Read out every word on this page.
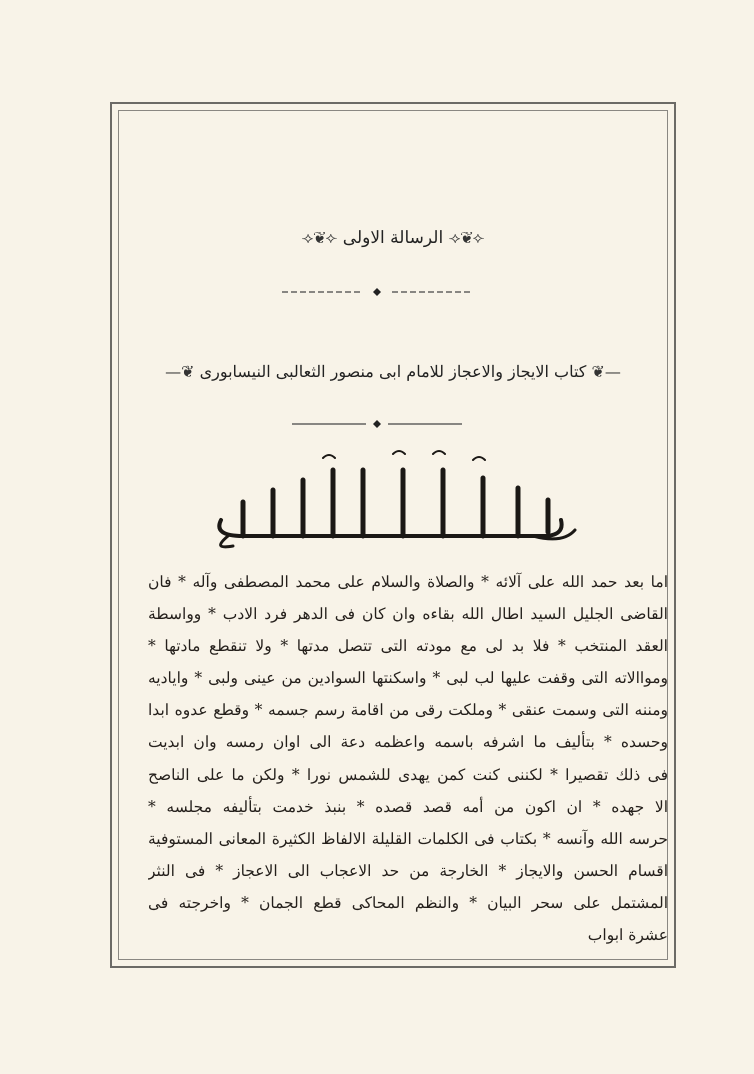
⟢❦⟣ الرسالة الاولى ⟢❦⟣
—❦ كتاب الايجاز والاعجاز للامام ابى منصور الثعالبى النيسابورى ❦—
اما بعد حمد الله على آلائه * والصلاة والسلام على محمد المصطفى وآله * فان
القاضى الجليل السيد اطال الله بقاءه وان كان فى الدهر فرد الادب * وواسطة
العقد المنتخب * فلا بد لى مع مودته التى تتصل مدتها * ولا تنقطع مادتها *
ومواالاته التى وقفت عليها لب لبى * واسكنتها السوادين من عينى ولبى * واياديه
ومننه التى وسمت عنقى * وملكت رقى من اقامة رسم جسمه * وقطع عدوه ابدا
وحسده * بتأليف ما اشرفه باسمه واعظمه دعة الى اوان رمسه وان ابديت
فى ذلك تقصيرا * لكننى كنت كمن يهدى للشمس نورا * ولكن ما على الناصح
الا جهده * ان اكون من أمه قصد قصده * بنبذ خدمت بتأليفه مجلسه *
حرسه الله وآنسه * بكتاب فى الكلمات القليلة الالفاظ الكثيرة المعانى المستوفية
اقسام الحسن والايجاز * الخارجة من حد الاعجاب الى الاعجاز * فى النثر
المشتمل على سحر البيان * والنظم المحاكى قطع الجمان * واخرجته فى
عشرة ابواب
